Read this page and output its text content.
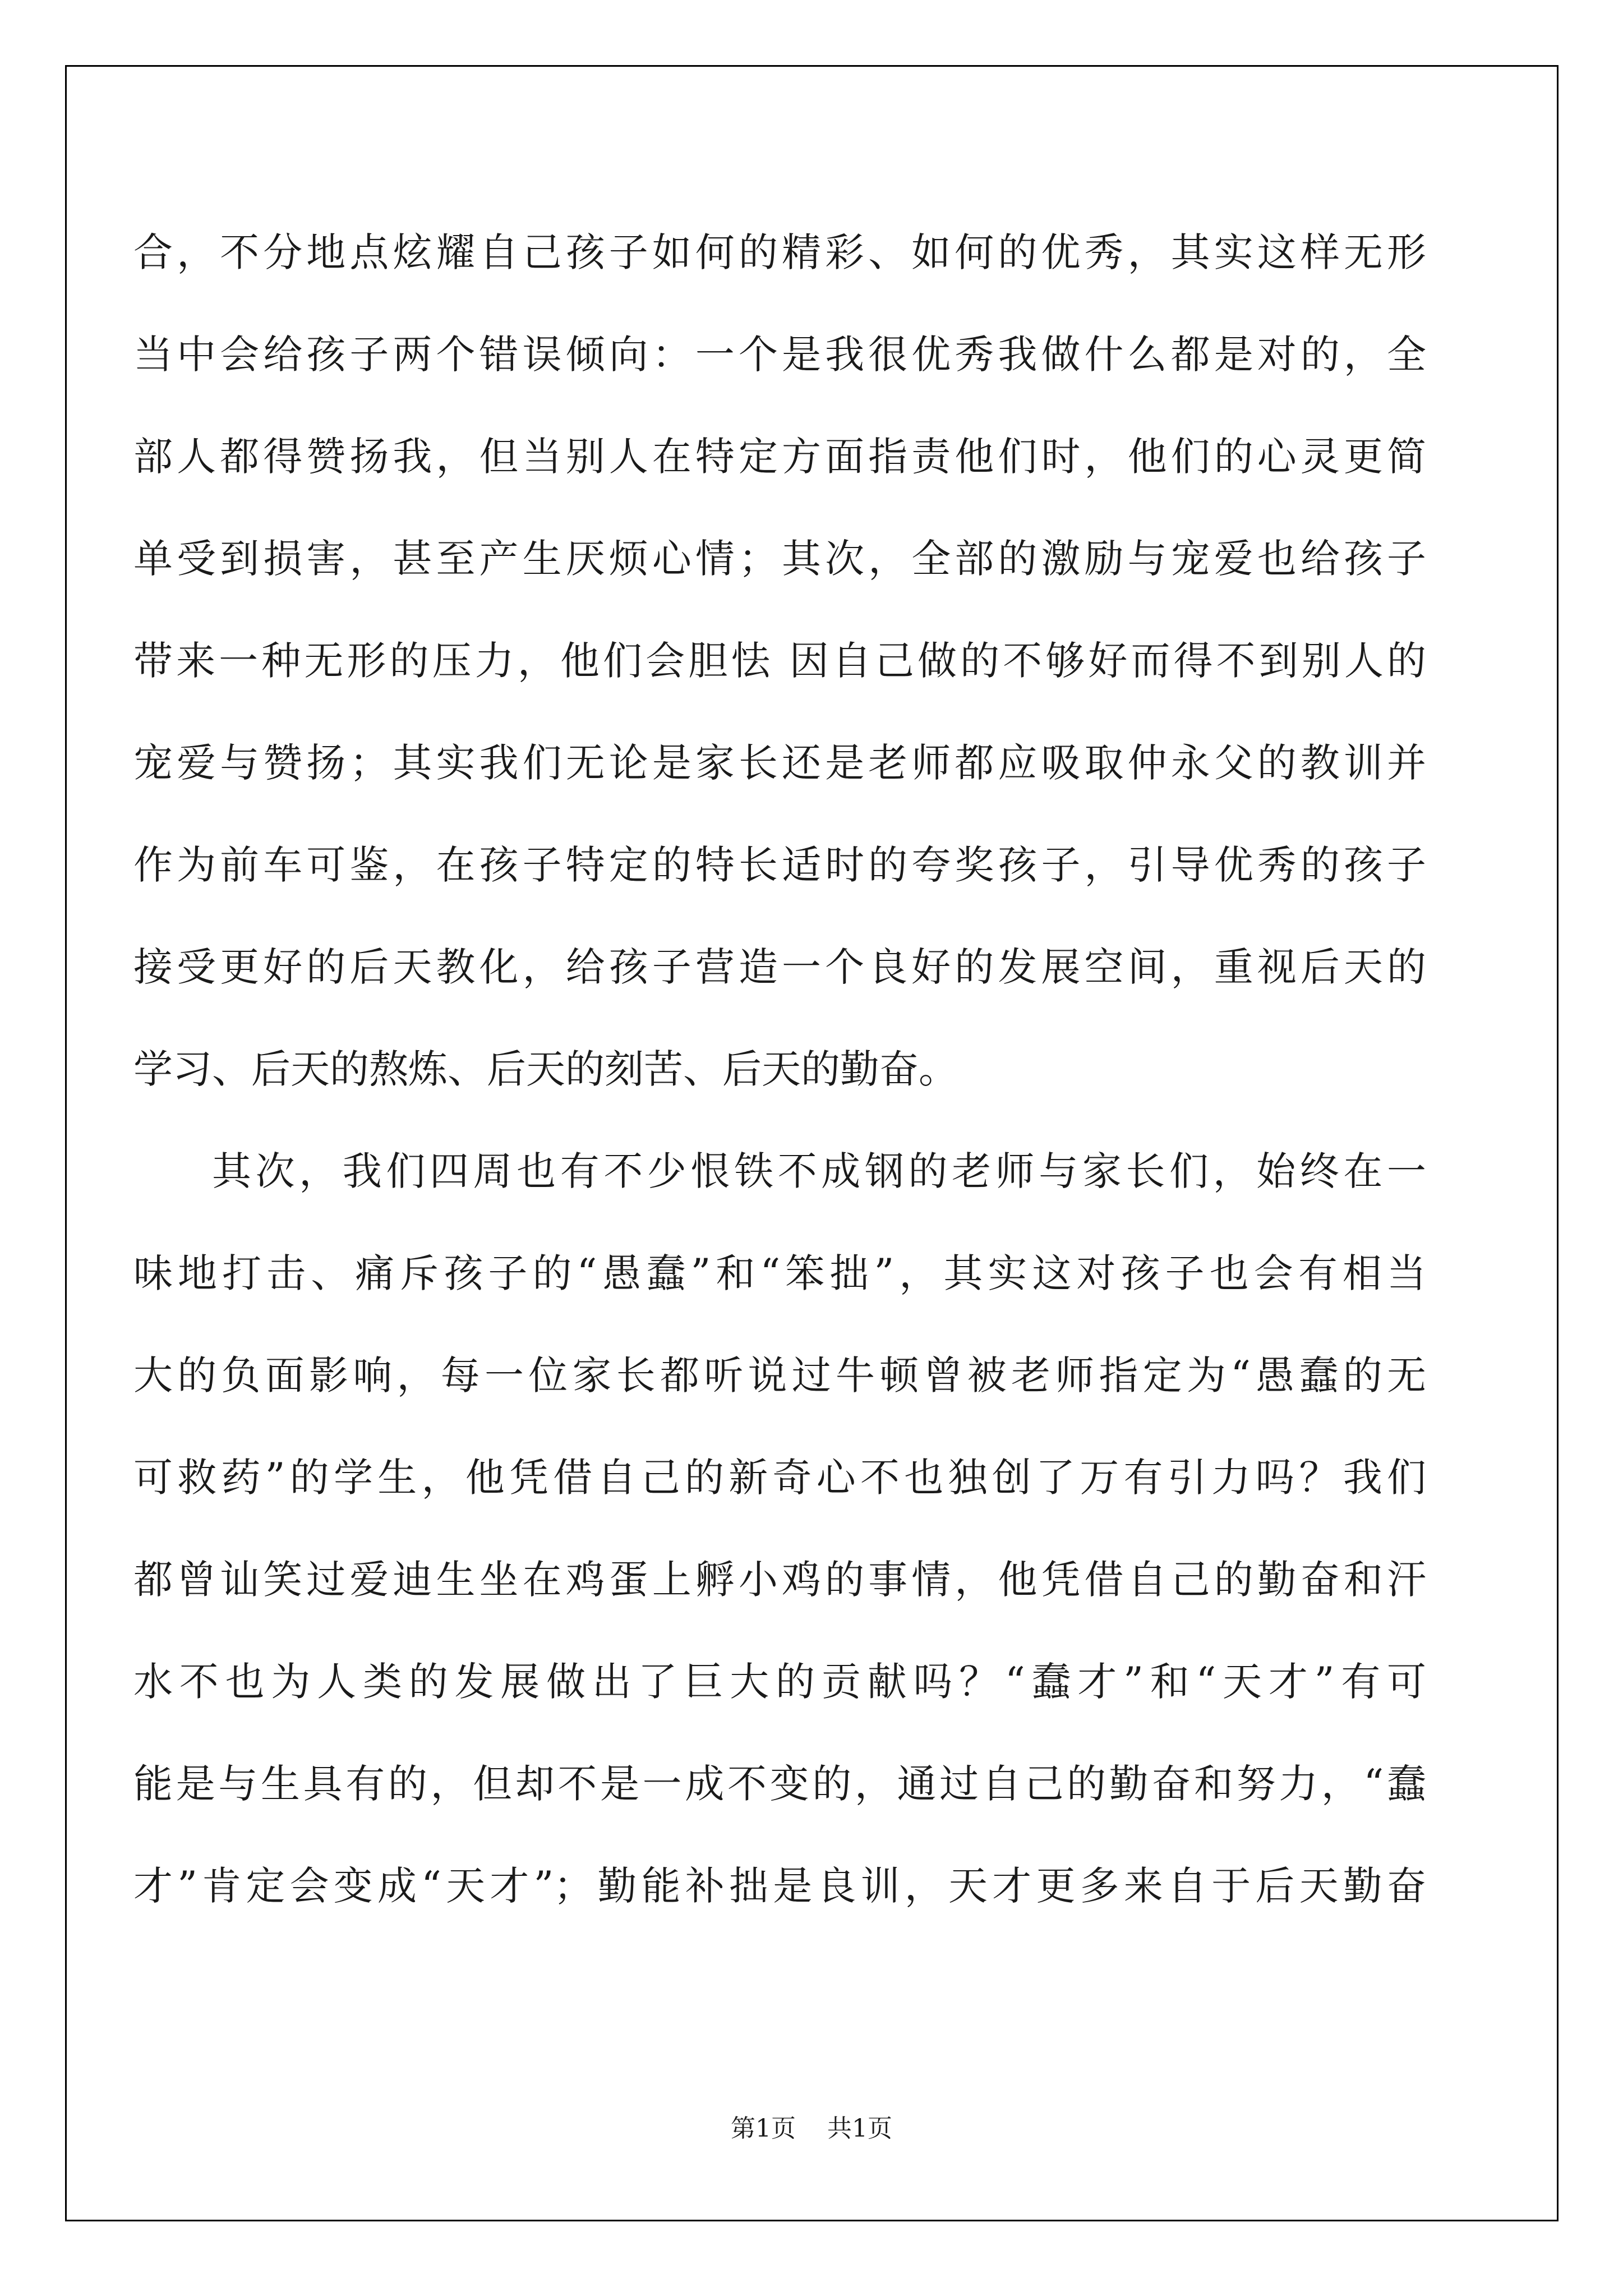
合，不分地点炫耀自己孩子如何的精彩、如何的优秀，其实这样无形
当中会给孩子两个错误倾向：一个是我很优秀我做什么都是对的，全
部人都得赞扬我，但当别人在特定方面指责他们时，他们的心灵更简
单受到损害，甚至产生厌烦心情；其次，全部的激励与宠爱也给孩子
带来一种无形的压力，他们会胆怯 因自己做的不够好而得不到别人的
宠爱与赞扬；其实我们无论是家长还是老师都应吸取仲永父的教训并
作为前车可鉴，在孩子特定的特长适时的夸奖孩子，引导优秀的孩子
接受更好的后天教化，给孩子营造一个良好的发展空间，重视后天的
学习、后天的熬炼、后天的刻苦、后天的勤奋。
其次，我们四周也有不少恨铁不成钢的老师与家长们，始终在一
味地打击、痛斥孩子的“愚蠢”和“笨拙”，其实这对孩子也会有相当
大的负面影响，每一位家长都听说过牛顿曾被老师指定为“愚蠢的无
可救药”的学生，他凭借自己的新奇心不也独创了万有引力吗？我们
都曾讪笑过爱迪生坐在鸡蛋上孵小鸡的事情，他凭借自己的勤奋和汗
水不也为人类的发展做出了巨大的贡献吗？“蠢才”和“天才”有可
能是与生具有的，但却不是一成不变的，通过自己的勤奋和努力，“蠢
才”肯定会变成“天才”；勤能补拙是良训，天才更多来自于后天勤奋
第1页 共1页
